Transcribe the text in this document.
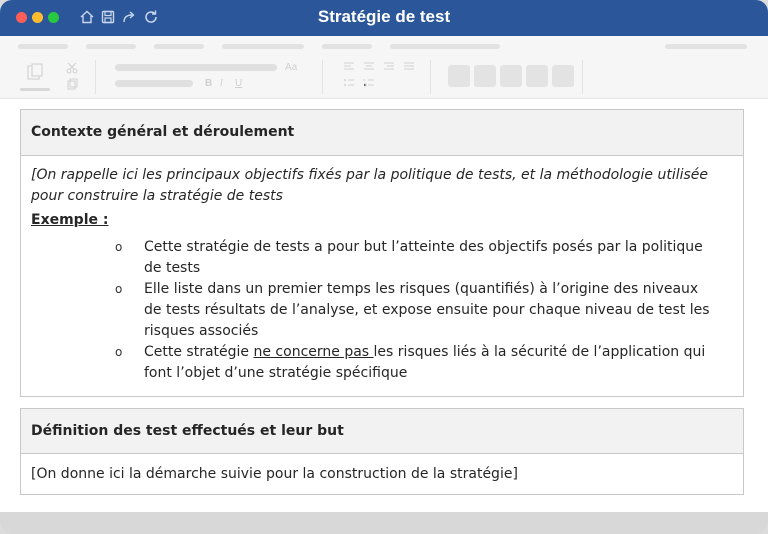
Stratégie de test
Aa
B I U
Contexte général et déroulement
[On rappelle ici les principaux objectifs fixés par la politique de tests, et la méthodologie utilisée
pour construire la stratégie de tests
Exemple :
o Cette stratégie de tests a pour but l’atteinte des objectifs posés par la politique
de tests
o Elle liste dans un premier temps les risques (quantifiés) à l’origine des niveaux
de tests résultats de l’analyse, et expose ensuite pour chaque niveau de test les
risques associés
o Cette stratégie ne concerne pas les risques liés à la sécurité de l’application qui
font l’objet d’une stratégie spécifique
Définition des test effectués et leur but
[On donne ici la démarche suivie pour la construction de la stratégie]
